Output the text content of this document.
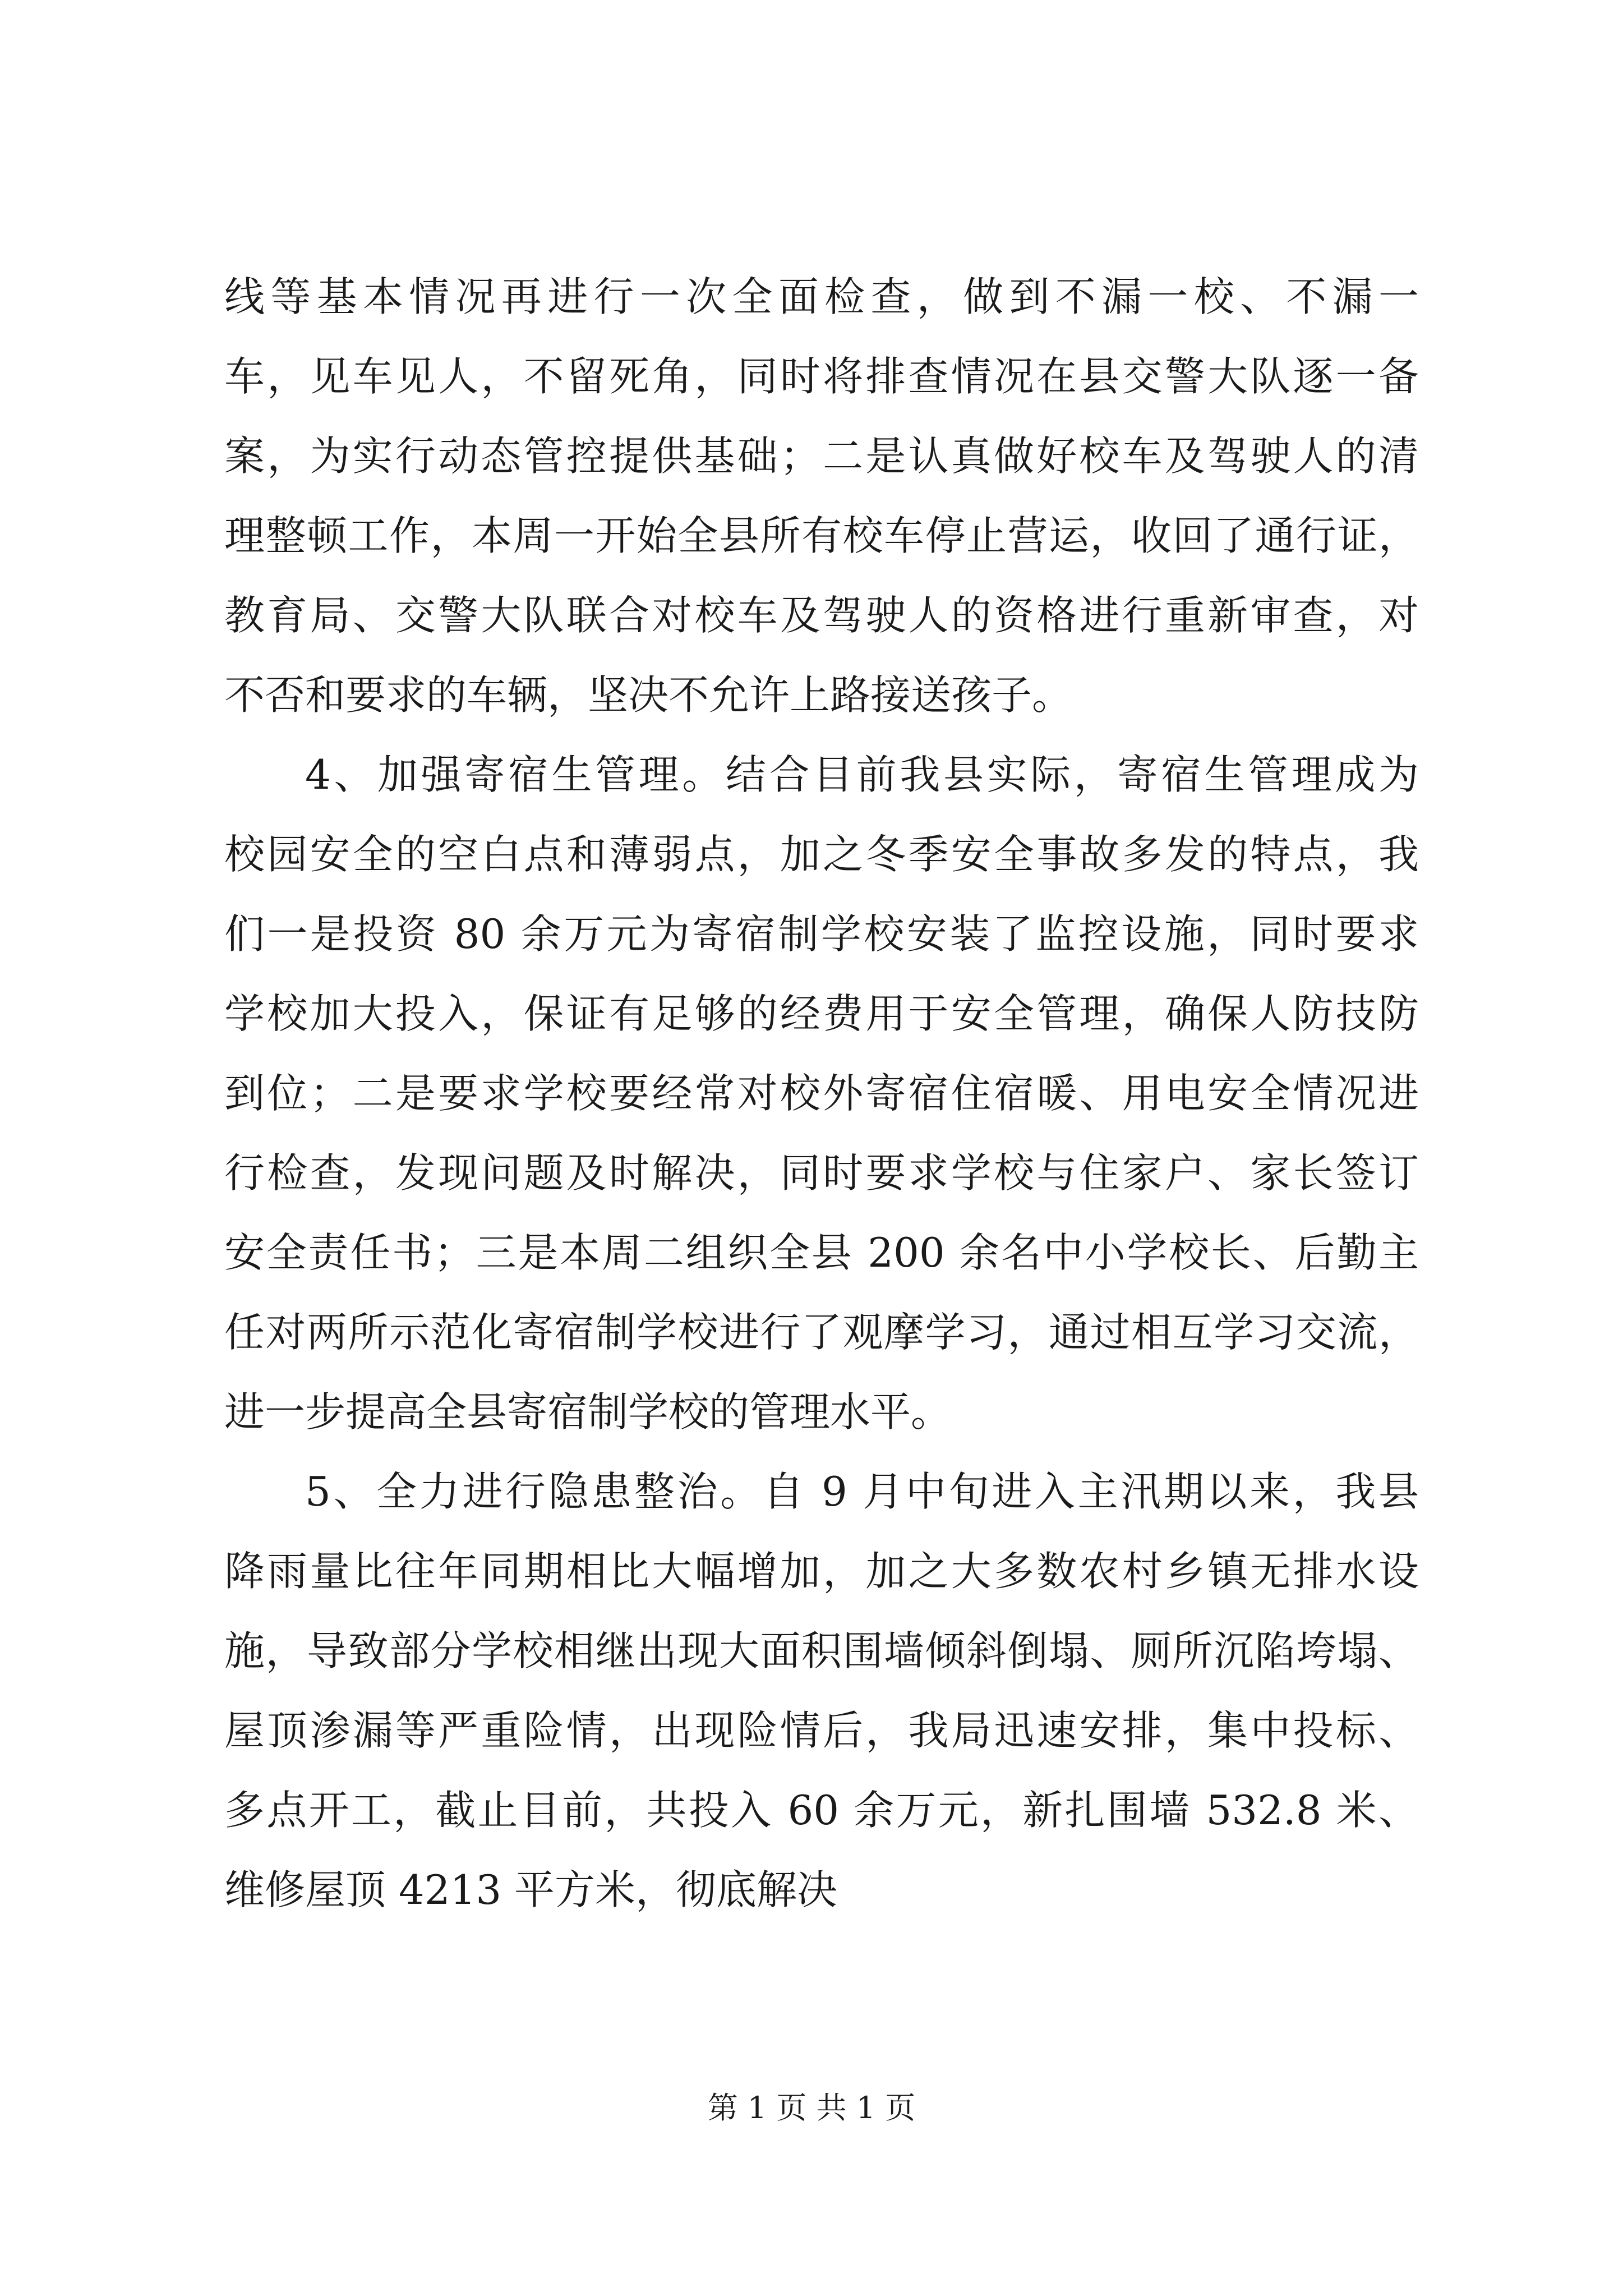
线等基本情况再进行一次全面检查，做到不漏一校、不漏一
车，见车见人，不留死角，同时将排查情况在县交警大队逐一备
案，为实行动态管控提供基础；二是认真做好校车及驾驶人的清
理整顿工作，本周一开始全县所有校车停止营运，收回了通行证，
教育局、交警大队联合对校车及驾驶人的资格进行重新审查，对
不否和要求的车辆，坚决不允许上路接送孩子。
4、加强寄宿生管理。结合目前我县实际，寄宿生管理成为
校园安全的空白点和薄弱点，加之冬季安全事故多发的特点，我
们一是投资 80 余万元为寄宿制学校安装了监控设施，同时要求
学校加大投入，保证有足够的经费用于安全管理，确保人防技防
到位；二是要求学校要经常对校外寄宿住宿暖、用电安全情况进
行检查，发现问题及时解决，同时要求学校与住家户、家长签订
安全责任书；三是本周二组织全县 200 余名中小学校长、后勤主
任对两所示范化寄宿制学校进行了观摩学习，通过相互学习交流，
进一步提高全县寄宿制学校的管理水平。
5、全力进行隐患整治。自 9 月中旬进入主汛期以来，我县
降雨量比往年同期相比大幅增加，加之大多数农村乡镇无排水设
施，导致部分学校相继出现大面积围墙倾斜倒塌、厕所沉陷垮塌、
屋顶渗漏等严重险情，出现险情后，我局迅速安排，集中投标、
多点开工，截止目前，共投入 60 余万元，新扎围墙 532.8 米、
维修屋顶 4213 平方米，彻底解决
第 1 页 共 1 页
